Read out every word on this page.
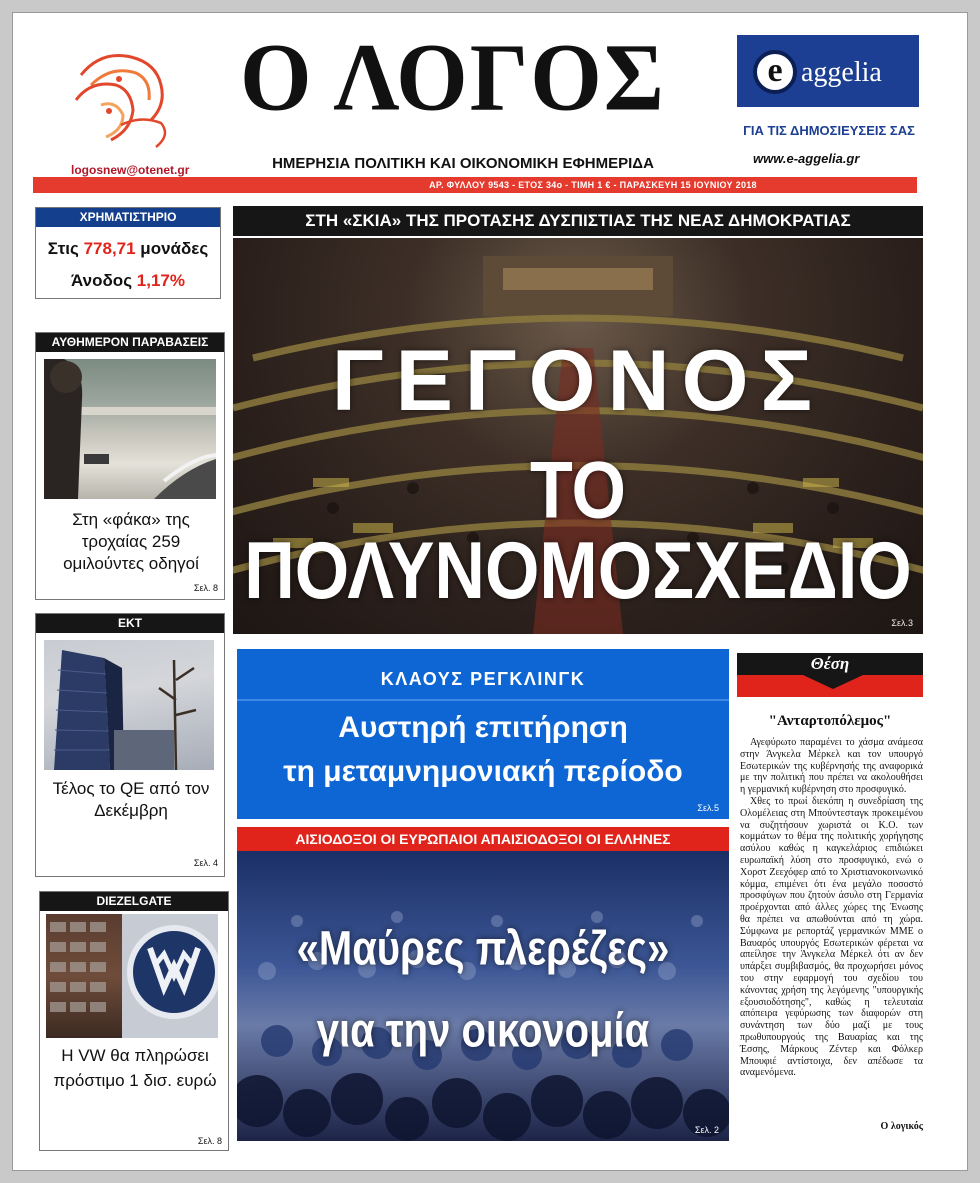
logosnew@otenet.gr
Ο ΛΟΓΟΣ
ΗΜΕΡΗΣΙΑ ΠΟΛΙΤΙΚΗ ΚΑΙ ΟΙΚΟΝΟΜΙΚΗ ΕΦΗΜΕΡΙΔΑ
e aggelia
ΓΙΑ ΤΙΣ ΔΗΜΟΣΙΕΥΣΕΙΣ ΣΑΣ
www.e-aggelia.gr
ΑΡ. ΦΥΛΛΟΥ 9543 - ΕΤΟΣ 34ο - ΤΙΜΗ 1 € - ΠΑΡΑΣΚΕΥΗ 15 ΙΟΥΝΙΟΥ 2018
ΧΡΗΜΑΤΙΣΤΗΡΙΟ
Στις 778,71 μονάδες
Άνοδος 1,17%
ΑΥΘΗΜΕΡΟΝ ΠΑΡΑΒΑΣΕΙΣ
Στη «φάκα» της τροχαίας 259 ομιλούντες οδηγοί
Σελ. 8
ΕΚΤ
Τέλος το QE από τον Δεκέμβρη
Σελ. 4
DIEZELGATE
Η VW θα πληρώσει πρόστιμο 1 δισ. ευρώ
Σελ. 8
ΣΤΗ «ΣΚΙΑ» ΤΗΣ ΠΡΟΤΑΣΗΣ ΔΥΣΠΙΣΤΙΑΣ ΤΗΣ ΝΕΑΣ ΔΗΜΟΚΡΑΤΙΑΣ
ΓΕΓΟΝΟΣ
ΤΟ ΠΟΛΥΝΟΜΟΣΧΕΔΙΟ
Σελ.3
ΚΛΑΟΥΣ ΡΕΓΚΛΙΝΓΚ
Αυστηρή επιτήρηση
τη μεταμνημονιακή περίοδο
Σελ.5
ΑΙΣΙΟΔΟΞΟΙ ΟΙ ΕΥΡΩΠΑΙΟΙ ΑΠΑΙΣΙΟΔΟΞΟΙ ΟΙ ΕΛΛΗΝΕΣ
«Μαύρες πλερέζες»
για την οικονομία
Σελ. 2
Θέση
"Ανταρτοπόλεμος"

Αγεφύρωτο παραμένει το χάσμα ανάμεσα στην Άνγκελα Μέρκελ και τον υπουργό Εσωτερικών της κυβέρνησής της αναφορικά με την πολιτική που πρέπει να ακολουθήσει η γερμανική κυβέρνηση στο προσφυγικό.

Χθες το πρωί διεκόπη η συνεδρίαση της Ολομέλειας στη Μπούντεσταγκ προκειμένου να συζητήσουν χωριστά οι Κ.Ο. των κομμάτων το θέμα της πολιτικής χορήγησης ασύλου καθώς η καγκελάριος επιδιώκει ευρωπαϊκή λύση στο προσφυγικό, ενώ ο Χορστ Ζεεχόφερ από το Χριστιανοκοινωνικό κόμμα, επιμένει ότι ένα μεγάλο ποσοστό προσφύγων που ζητούν άσυλο στη Γερμανία προέρχονται από άλλες χώρες της Ένωσης θα πρέπει να απωθούνται από τη χώρα. Σύμφωνα με ρεπορτάζ γερμανικών ΜΜΕ ο Βαυαρός υπουργός Εσωτερικών φέρεται να απείλησε την Άνγκελα Μέρκελ ότι αν δεν υπάρξει συμβιβασμός, θα προχωρήσει μόνος του στην εφαρμογή του σχεδίου του κάνοντας χρήση της λεγόμενης "υπουργικής εξουσιοδότησης", καθώς η τελευταία απόπειρα γεφύρωσης των διαφορών στη συνάντηση των δύο μαζί με τους πρωθυπουργούς της Βαυαρίας και της Έσσης, Μάρκους Ζέντερ και Φόλκερ Μπουφιέ αντίστοιχα, δεν απέδωσε τα αναμενόμενα.

Ο λογικός
